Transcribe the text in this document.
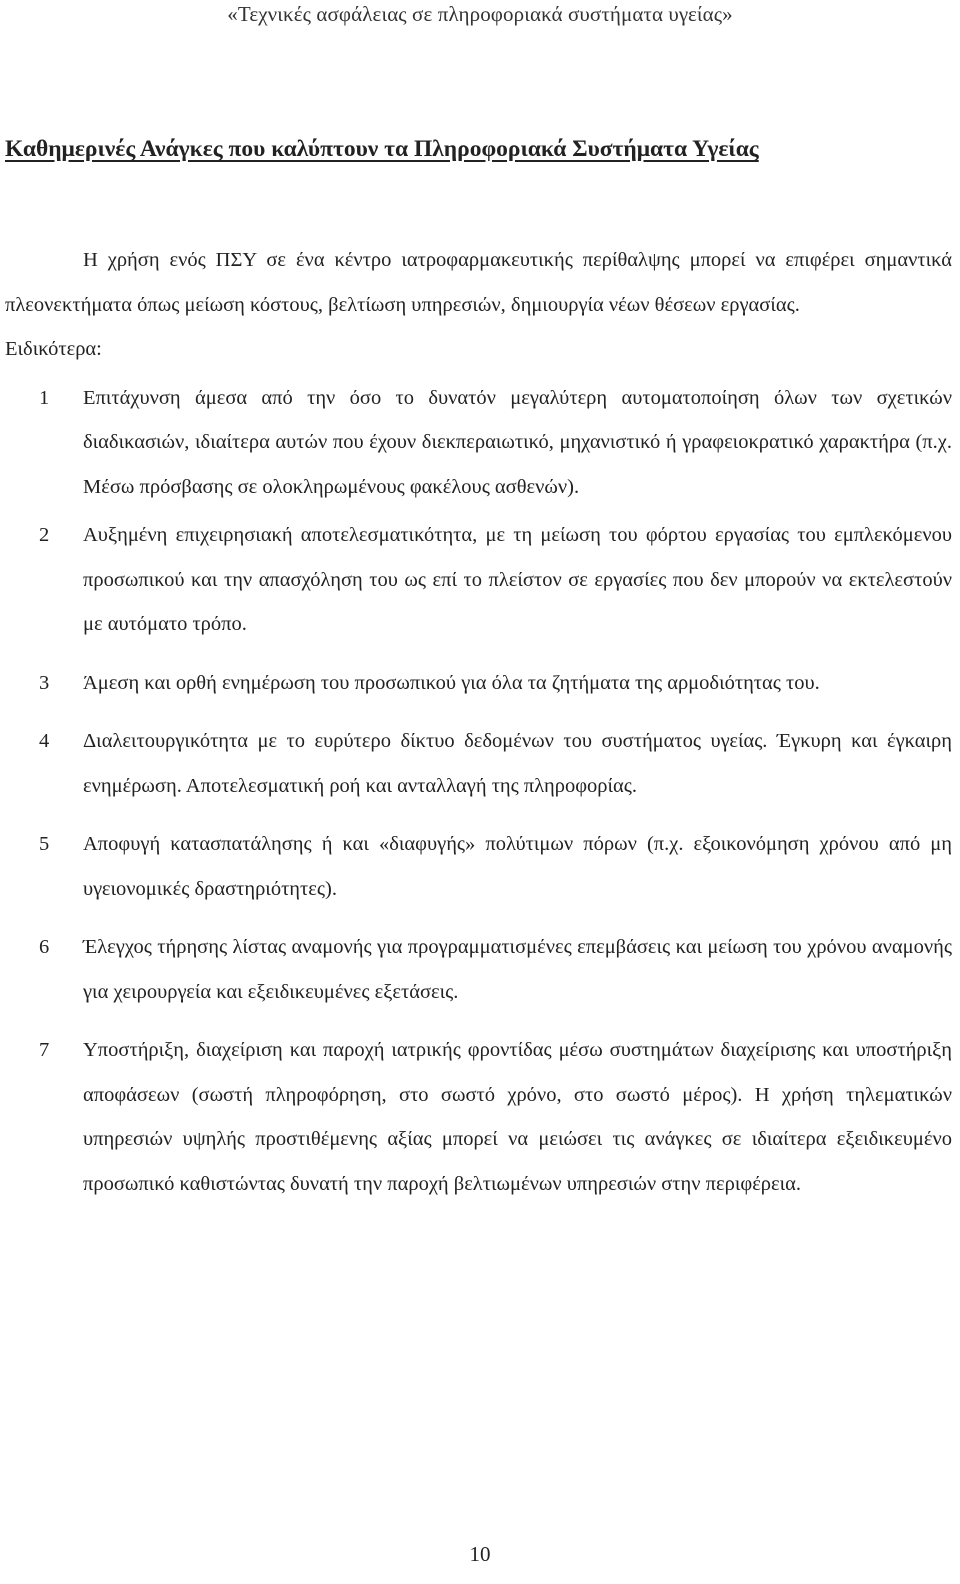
«Τεχνικές ασφάλειας σε πληροφοριακά συστήματα υγείας»
Καθημερινές Ανάγκες που καλύπτουν τα Πληροφοριακά Συστήματα Υγείας

Η χρήση ενός ΠΣΥ σε ένα κέντρο ιατροφαρμακευτικής περίθαλψης μπορεί να επιφέρει σημαντικά πλεονεκτήματα όπως μείωση κόστους, βελτίωση υπηρεσιών, δημιουργία νέων θέσεων εργασίας.

Ειδικότερα:

1 Επιτάχυνση άμεσα από την όσο το δυνατόν μεγαλύτερη αυτοματοποίηση όλων των σχετικών διαδικασιών, ιδιαίτερα αυτών που έχουν διεκπεραιωτικό, μηχανιστικό ή γραφειοκρατικό χαρακτήρα (π.χ. Μέσω πρόσβασης σε ολοκληρωμένους φακέλους ασθενών).
2 Αυξημένη επιχειρησιακή αποτελεσματικότητα, με τη μείωση του φόρτου εργασίας του εμπλεκόμενου προσωπικού και την απασχόληση του ως επί το πλείστον σε εργασίες που δεν μπορούν να εκτελεστούν με αυτόματο τρόπο.
3 Άμεση και ορθή ενημέρωση του προσωπικού για όλα τα ζητήματα της αρμοδιότητας του.
4 Διαλειτουργικότητα με το ευρύτερο δίκτυο δεδομένων του συστήματος υγείας. Έγκυρη και έγκαιρη ενημέρωση. Αποτελεσματική ροή και ανταλλαγή της πληροφορίας.
5 Αποφυγή κατασπατάλησης ή και «διαφυγής» πολύτιμων πόρων (π.χ. εξοικονόμηση χρόνου από μη υγειονομικές δραστηριότητες).
6 Έλεγχος τήρησης λίστας αναμονής για προγραμματισμένες επεμβάσεις και μείωση του χρόνου αναμονής για χειρουργεία και εξειδικευμένες εξετάσεις.
7 Υποστήριξη, διαχείριση και παροχή ιατρικής φροντίδας μέσω συστημάτων διαχείρισης και υποστήριξη αποφάσεων (σωστή πληροφόρηση, στο σωστό χρόνο, στο σωστό μέρος). Η χρήση τηλεματικών υπηρεσιών υψηλής προστιθέμενης αξίας μπορεί να μειώσει τις ανάγκες σε ιδιαίτερα εξειδικευμένο προσωπικό καθιστώντας δυνατή την παροχή βελτιωμένων υπηρεσιών στην περιφέρεια.
10
